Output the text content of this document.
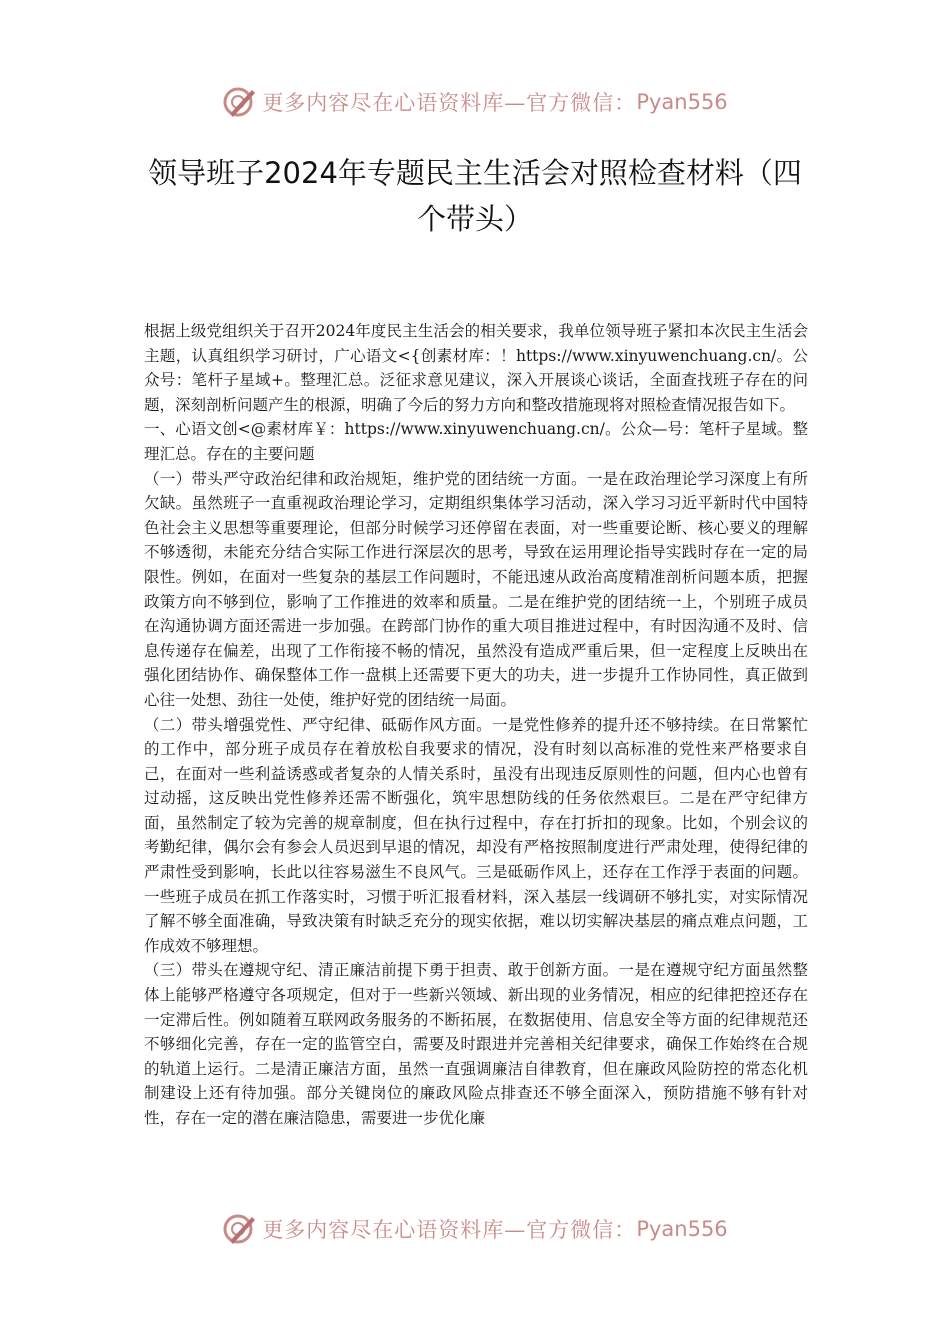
更多内容尽在心语资料库—官方微信： Pyan556
领导班子2024年专题民主生活会对照检查材料（四个带头）

根据上级党组织关于召开2024年度民主生活会的相关要求，我单位领导班子紧扣本次民主生活会主题，认真组织学习研讨，广心语文<{创素材库：！https://www.xinyuwenchuang.cn/。公众号：笔杆子星域+。整理汇总。泛征求意见建议，深入开展谈心谈话，全面查找班子存在的问题，深刻剖析问题产生的根源，明确了今后的努力方向和整改措施现将对照检查情况报告如下。

一、心语文创<@素材库￥：https://www.xinyuwenchuang.cn/。公众—号：笔杆子星域。整理汇总。存在的主要问题

（一）带头严守政治纪律和政治规矩，维护党的团结统一方面。一是在政治理论学习深度上有所欠缺。虽然班子一直重视政治理论学习，定期组织集体学习活动，深入学习习近平新时代中国特色社会主义思想等重要理论，但部分时候学习还停留在表面，对一些重要论断、核心要义的理解不够透彻，未能充分结合实际工作进行深层次的思考，导致在运用理论指导实践时存在一定的局限性。例如，在面对一些复杂的基层工作问题时，不能迅速从政治高度精准剖析问题本质，把握政策方向不够到位，影响了工作推进的效率和质量。二是在维护党的团结统一上，个别班子成员在沟通协调方面还需进一步加强。在跨部门协作的重大项目推进过程中，有时因沟通不及时、信息传递存在偏差，出现了工作衔接不畅的情况，虽然没有造成严重后果，但一定程度上反映出在强化团结协作、确保整体工作一盘棋上还需要下更大的功夫，进一步提升工作协同性，真正做到心往一处想、劲往一处使，维护好党的团结统一局面。

（二）带头增强党性、严守纪律、砥砺作风方面。一是党性修养的提升还不够持续。在日常繁忙的工作中，部分班子成员存在着放松自我要求的情况，没有时刻以高标准的党性来严格要求自己，在面对一些利益诱惑或者复杂的人情关系时，虽没有出现违反原则性的问题，但内心也曾有过动摇，这反映出党性修养还需不断强化，筑牢思想防线的任务依然艰巨。二是在严守纪律方面，虽然制定了较为完善的规章制度，但在执行过程中，存在打折扣的现象。比如，个别会议的考勤纪律，偶尔会有参会人员迟到早退的情况，却没有严格按照制度进行严肃处理，使得纪律的严肃性受到影响，长此以往容易滋生不良风气。三是砥砺作风上，还存在工作浮于表面的问题。一些班子成员在抓工作落实时，习惯于听汇报看材料，深入基层一线调研不够扎实，对实际情况了解不够全面准确，导致决策有时缺乏充分的现实依据，难以切实解决基层的痛点难点问题，工作成效不够理想。

（三）带头在遵规守纪、清正廉洁前提下勇于担责、敢于创新方面。一是在遵规守纪方面虽然整体上能够严格遵守各项规定，但对于一些新兴领域、新出现的业务情况，相应的纪律把控还存在一定滞后性。例如随着互联网政务服务的不断拓展，在数据使用、信息安全等方面的纪律规范还不够细化完善，存在一定的监管空白，需要及时跟进并完善相关纪律要求，确保工作始终在合规的轨道上运行。二是清正廉洁方面，虽然一直强调廉洁自律教育，但在廉政风险防控的常态化机制建设上还有待加强。部分关键岗位的廉政风险点排查还不够全面深入，预防措施不够有针对性，存在一定的潜在廉洁隐患，需要进一步优化廉

更多内容尽在心语资料库—官方微信： Pyan556
